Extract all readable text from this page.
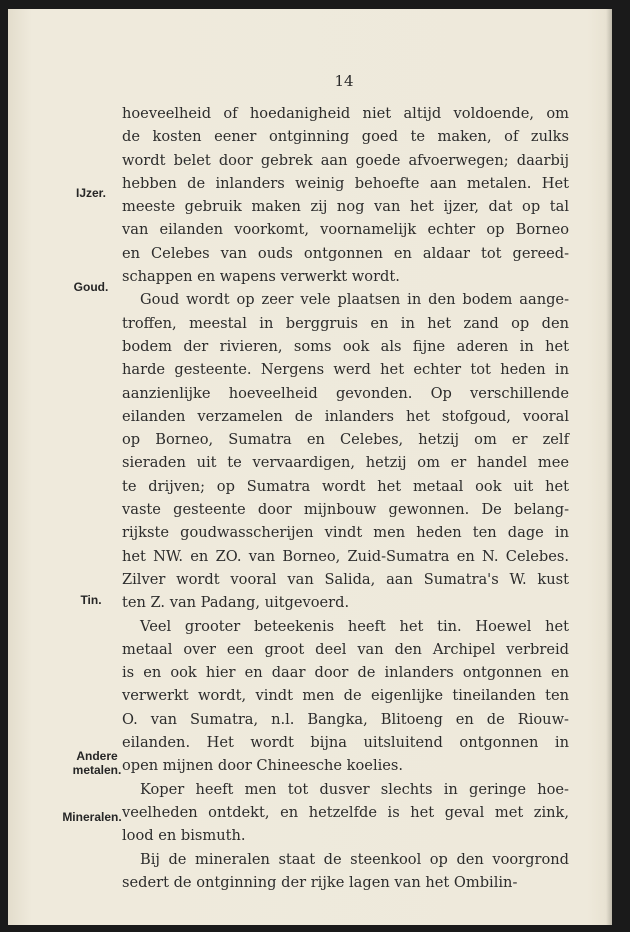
14

IJzer.

Goud.

Tin.

Andere

metalen.

Mineralen.

hoeveelheid of hoedanigheid niet altijd voldoende, om
de kosten eener ontginning goed te maken, of zulks
wordt belet door gebrek aan goede afvoerwegen; daarbij
hebben de inlanders weinig behoefte aan metalen. Het
meeste gebruik maken zij nog van het ijzer, dat op tal
van eilanden voorkomt, voornamelijk echter op Borneo
en Celebes van ouds ontgonnen en aldaar tot gereed-
schappen en wapens verwerkt wordt.
Goud wordt op zeer vele plaatsen in den bodem aange-
troffen, meestal in berggruis en in het zand op den
bodem der rivieren, soms ook als fijne aderen in het
harde gesteente. Nergens werd het echter tot heden in
aanzienlijke hoeveelheid gevonden. Op verschillende
eilanden verzamelen de inlanders het stofgoud, vooral
op Borneo, Sumatra en Celebes, hetzij om er zelf
sieraden uit te vervaardigen, hetzij om er handel mee
te drijven; op Sumatra wordt het metaal ook uit het
vaste gesteente door mijnbouw gewonnen. De belang-
rijkste goudwasscherijen vindt men heden ten dage in
het NW. en ZO. van Borneo, Zuid-Sumatra en N. Celebes.
Zilver wordt vooral van Salida, aan Sumatra's W. kust
ten Z. van Padang, uitgevoerd.
Veel grooter beteekenis heeft het tin. Hoewel het
metaal over een groot deel van den Archipel verbreid
is en ook hier en daar door de inlanders ontgonnen en
verwerkt wordt, vindt men de eigenlijke tineilanden ten
O. van Sumatra, n.l. Bangka, Blitoeng en de Riouw-
eilanden. Het wordt bijna uitsluitend ontgonnen in
open mijnen door Chineesche koelies.
Koper heeft men tot dusver slechts in geringe hoe-
veelheden ontdekt, en hetzelfde is het geval met zink,
lood en bismuth.
Bij de mineralen staat de steenkool op den voorgrond
sedert de ontginning der rijke lagen van het Ombilin-
